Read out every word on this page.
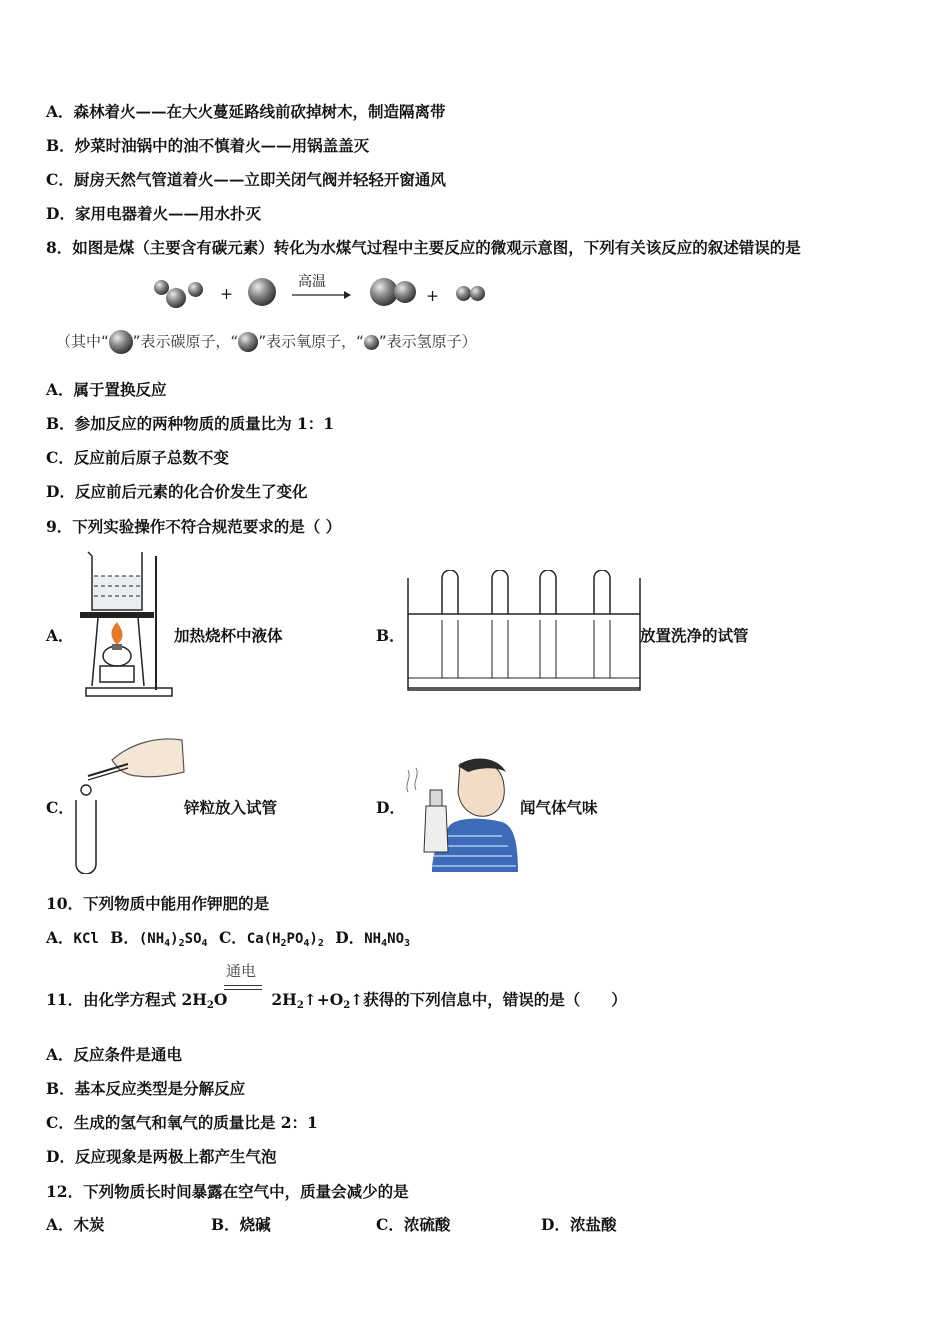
A．森林着火——在大火蔓延路线前砍掉树木，制造隔离带
B．炒菜时油锅中的油不慎着火——用锅盖盖灭
C．厨房天然气管道着火——立即关闭气阀并轻轻开窗通风
D．家用电器着火——用水扑灭
8．如图是煤（主要含有碳元素）转化为水煤气过程中主要反应的微观示意图，下列有关该反应的叙述错误的是
+
高温
+
（其中“ ”表示碳原子，“ ”表示氧原子，“ ”表示氢原子）
A．属于置换反应
B．参加反应的两种物质的质量比为 1：1
C．反应前后原子总数不变
D．反应前后元素的化合价发生了变化
9．下列实验操作不符合规范要求的是（ ）
A．	加热烧杯中液体	B．	放置洗净的试管
C．	锌粒放入试管	D．	闻气体气味
10．下列物质中能用作钾肥的是
A．KCl B．$(NH_4)_2SO_4$ C．$Ca(H_2PO_4)_2$ D．$NH_4NO_3$
通电
11．由化学方程式 $2H_2O$	$2H_2↑+O_2↑$获得的下列信息中，错误的是（　　）
A．反应条件是通电
B．基本反应类型是分解反应
C．生成的氢气和氧气的质量比是 2：1
D．反应现象是两极上都产生气泡
12．下列物质长时间暴露在空气中，质量会减少的是
A．木炭	B．烧碱	C．浓硫酸	D．浓盐酸
